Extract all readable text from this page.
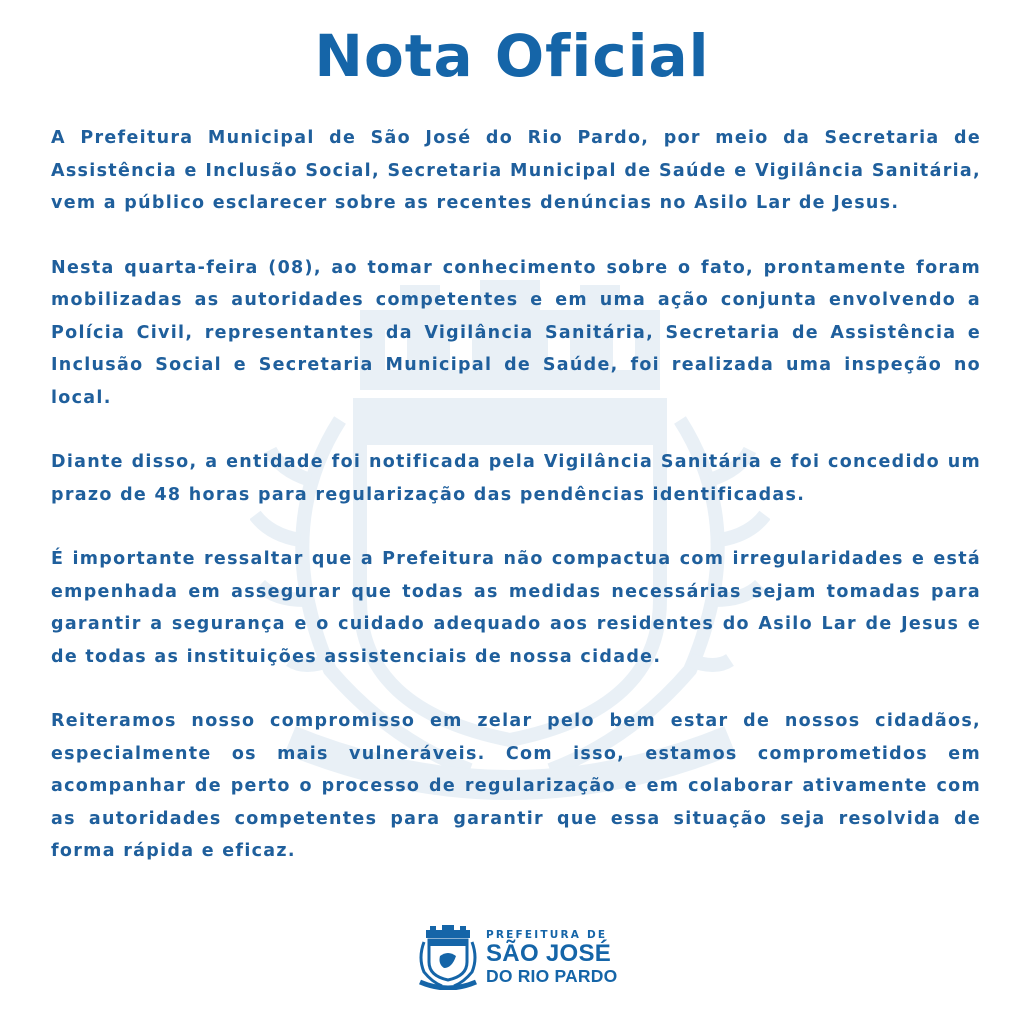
Nota Oficial

A Prefeitura Municipal de São José do Rio Pardo, por meio da Secretaria de Assistência e Inclusão Social, Secretaria Municipal de Saúde e Vigilância Sanitária, vem a público esclarecer sobre as recentes denúncias no Asilo Lar de Jesus.

Nesta quarta-feira (08), ao tomar conhecimento sobre o fato, prontamente foram mobilizadas as autoridades competentes e em uma ação conjunta envolvendo a Polícia Civil, representantes da Vigilância Sanitária, Secretaria de Assistência e Inclusão Social e Secretaria Municipal de Saúde, foi realizada uma inspeção no local.

Diante disso, a entidade foi notificada pela Vigilância Sanitária e foi concedido um prazo de 48 horas para regularização das pendências identificadas.

É importante ressaltar que a Prefeitura não compactua com irregularidades e está empenhada em assegurar que todas as medidas necessárias sejam tomadas para garantir a segurança e o cuidado adequado aos residentes do Asilo Lar de Jesus e de todas as instituições assistenciais de nossa cidade.

Reiteramos nosso compromisso em zelar pelo bem estar de nossos cidadãos, especialmente os mais vulneráveis. Com isso, estamos comprometidos em acompanhar de perto o processo de regularização e em colaborar ativamente com as autoridades competentes para garantir que essa situação seja resolvida de forma rápida e eficaz.

PREFEITURA DE
SÃO JOSÉ
DO RIO PARDO
